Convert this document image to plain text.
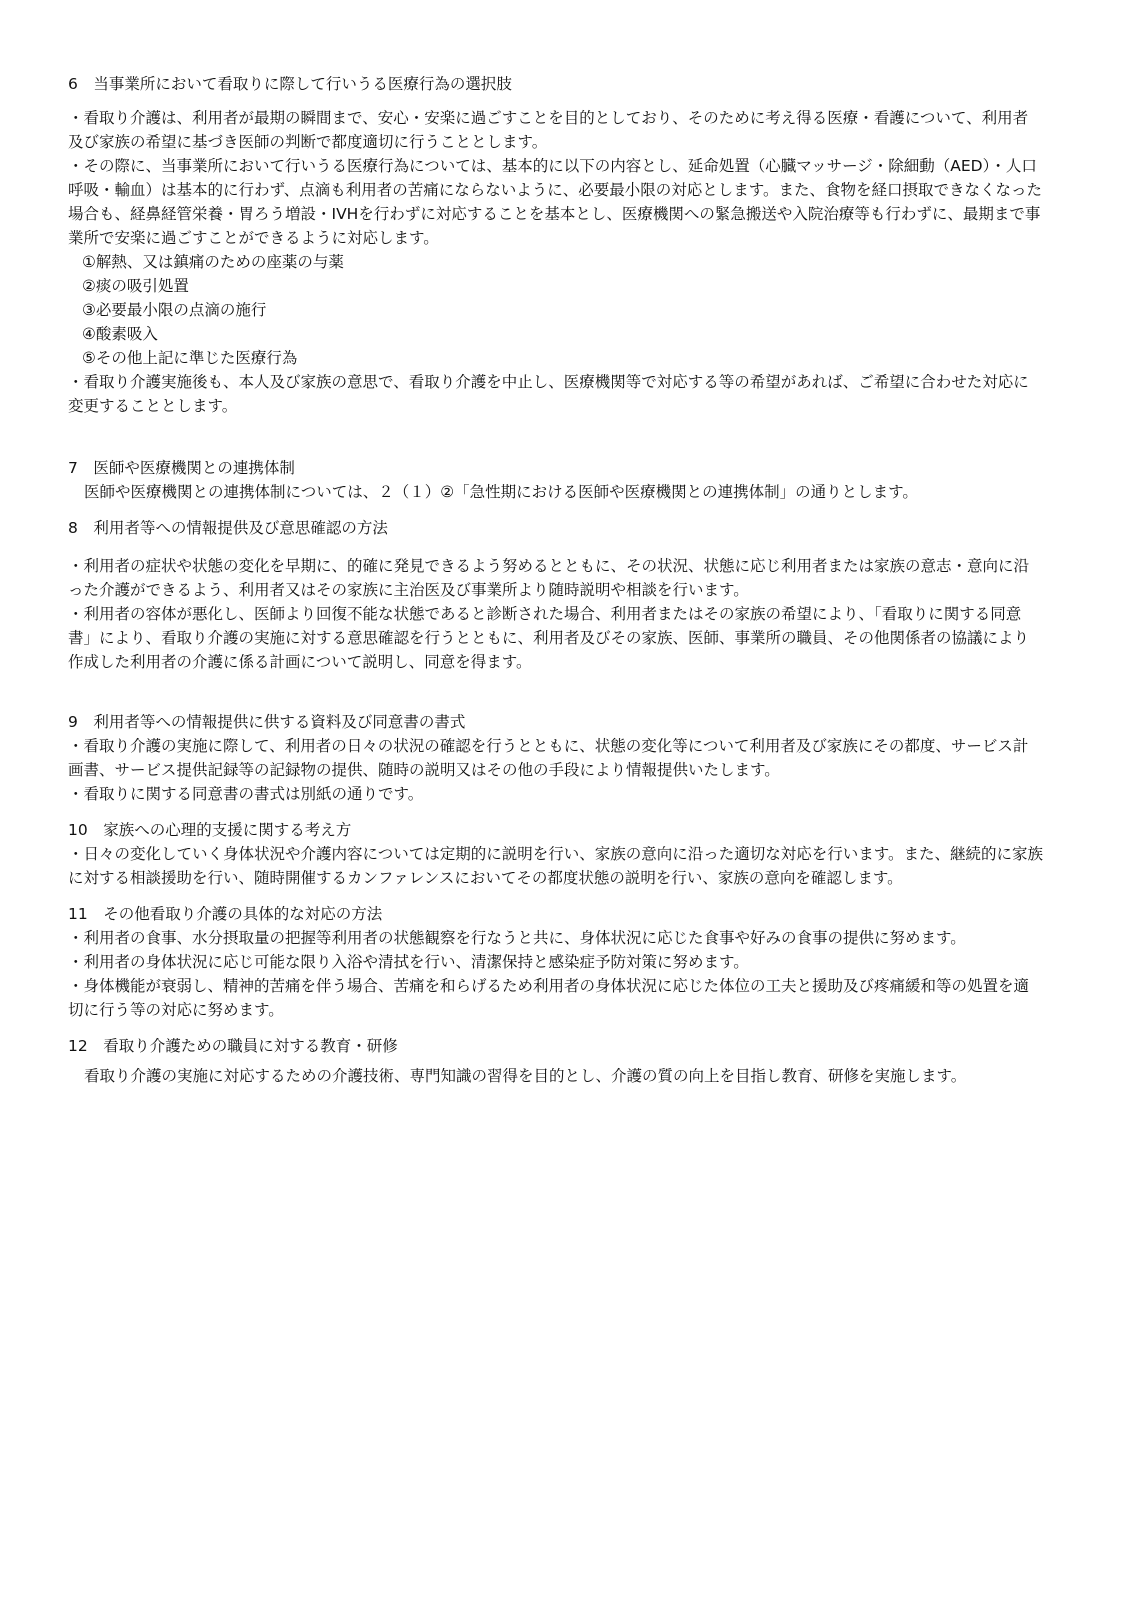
6　当事業所において看取りに際して行いうる医療行為の選択肢

・看取り介護は、利用者が最期の瞬間まで、安心・安楽に過ごすことを目的としており、そのために考え得る医療・看護について、利用者及び家族の希望に基づき医師の判断で都度適切に行うこととします。

・その際に、当事業所において行いうる医療行為については、基本的に以下の内容とし、延命処置（心臓マッサージ・除細動（AED）・人口呼吸・輸血）は基本的に行わず、点滴も利用者の苦痛にならないように、必要最小限の対応とします。また、食物を経口摂取できなくなった場合も、経鼻経管栄養・胃ろう増設・IVHを行わずに対応することを基本とし、医療機関への緊急搬送や入院治療等も行わずに、最期まで事業所で安楽に過ごすことができるように対応します。

①解熱、又は鎮痛のための座薬の与薬
②痰の吸引処置
③必要最小限の点滴の施行
④酸素吸入
⑤その他上記に準じた医療行為

・看取り介護実施後も、本人及び家族の意思で、看取り介護を中止し、医療機関等で対応する等の希望があれば、ご希望に合わせた対応に変更することとします。

7　医師や医療機関との連携体制

医師や医療機関との連携体制については、２（１）②「急性期における医師や医療機関との連携体制」の通りとします。

8　利用者等への情報提供及び意思確認の方法

・利用者の症状や状態の変化を早期に、的確に発見できるよう努めるとともに、その状況、状態に応じ利用者または家族の意志・意向に沿った介護ができるよう、利用者又はその家族に主治医及び事業所より随時説明や相談を行います。

・利用者の容体が悪化し、医師より回復不能な状態であると診断された場合、利用者またはその家族の希望により、「看取りに関する同意書」により、看取り介護の実施に対する意思確認を行うとともに、利用者及びその家族、医師、事業所の職員、その他関係者の協議により作成した利用者の介護に係る計画について説明し、同意を得ます。

9　利用者等への情報提供に供する資料及び同意書の書式

・看取り介護の実施に際して、利用者の日々の状況の確認を行うとともに、状態の変化等について利用者及び家族にその都度、サービス計画書、サービス提供記録等の記録物の提供、随時の説明又はその他の手段により情報提供いたします。

・看取りに関する同意書の書式は別紙の通りです。

10　家族への心理的支援に関する考え方

・日々の変化していく身体状況や介護内容については定期的に説明を行い、家族の意向に沿った適切な対応を行います。また、継続的に家族に対する相談援助を行い、随時開催するカンファレンスにおいてその都度状態の説明を行い、家族の意向を確認します。

11　その他看取り介護の具体的な対応の方法

・利用者の食事、水分摂取量の把握等利用者の状態観察を行なうと共に、身体状況に応じた食事や好みの食事の提供に努めます。

・利用者の身体状況に応じ可能な限り入浴や清拭を行い、清潔保持と感染症予防対策に努めます。

・身体機能が衰弱し、精神的苦痛を伴う場合、苦痛を和らげるため利用者の身体状況に応じた体位の工夫と援助及び疼痛緩和等の処置を適切に行う等の対応に努めます。

12　看取り介護ための職員に対する教育・研修

看取り介護の実施に対応するための介護技術、専門知識の習得を目的とし、介護の質の向上を目指し教育、研修を実施します。
